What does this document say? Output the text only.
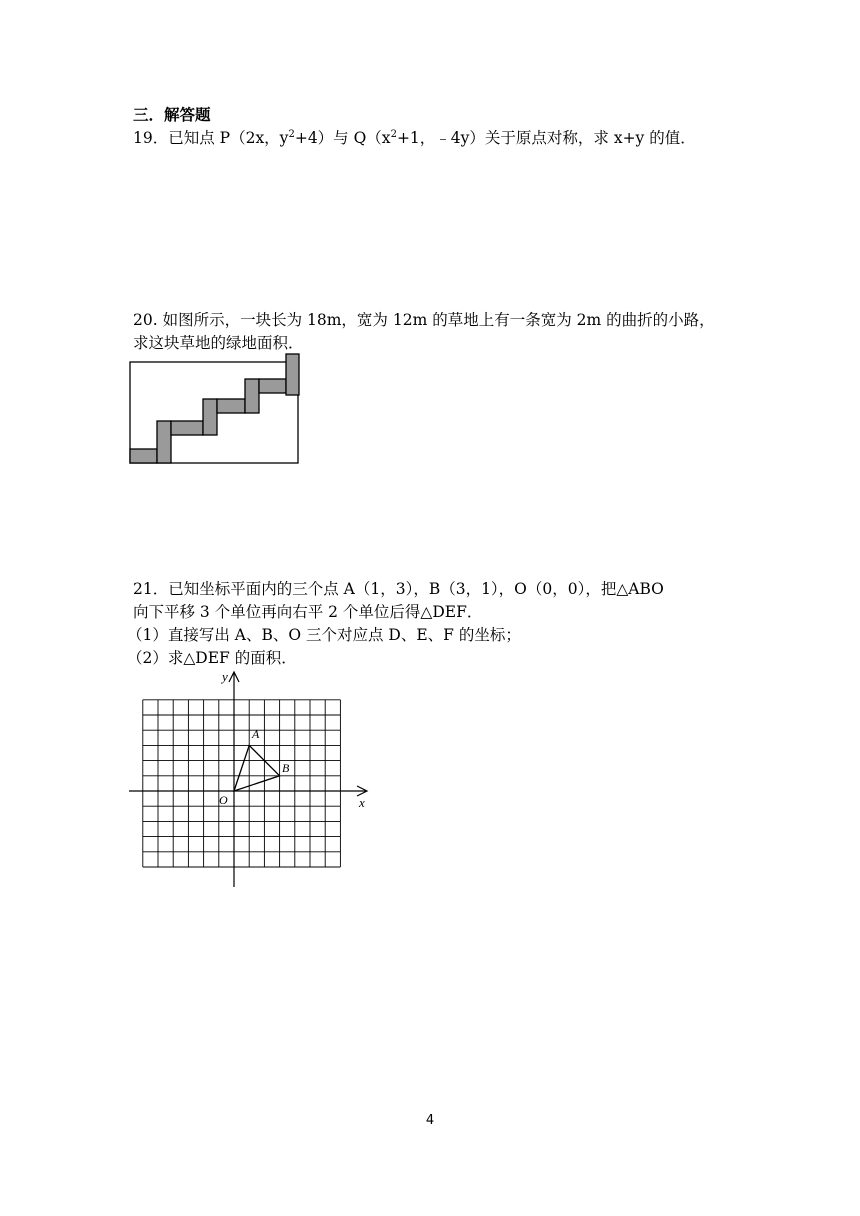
三．解答题
19．已知点 P（2x，$y^2+4$）与 $Q(x^2+1$，﹣4y）关于原点对称，求 x+y 的值．
20. 如图所示，一块长为 18m，宽为 12m 的草地上有一条宽为 2m 的曲折的小路，
求这块草地的绿地面积．
21．已知坐标平面内的三个点 A（1，3），B（3，1），O（0，0），把△ABO
向下平移 3 个单位再向右平 2 个单位后得△DEF．
（1）直接写出 A、B、O 三个对应点 D、E、F 的坐标；
（2）求△DEF 的面积．
x
y
A
B
O
4
